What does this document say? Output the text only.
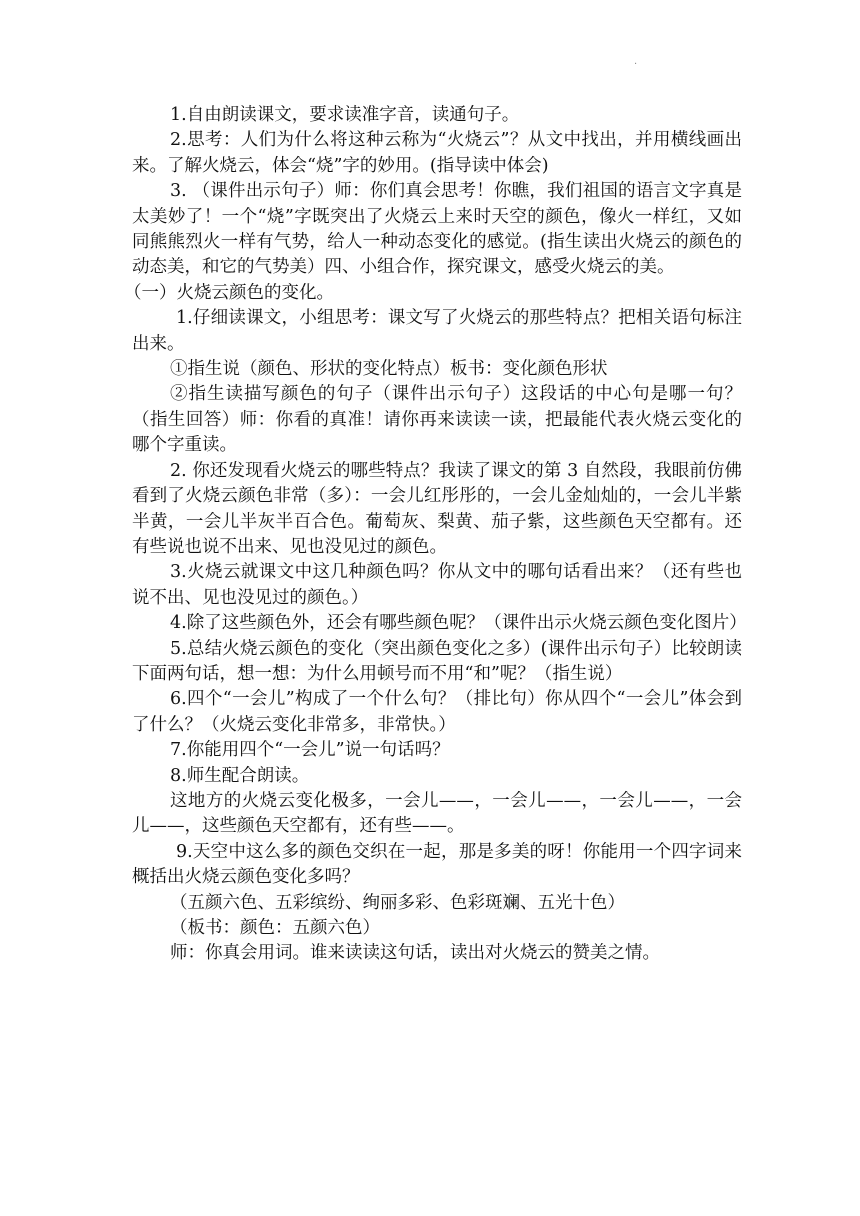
.

1.自由朗读课文，要求读准字音，读通句子。

2.思考：人们为什么将这种云称为“火烧云”？从文中找出，并用横线画出来。了解火烧云，体会“烧”字的妙用。(指导读中体会)

3. （课件出示句子）师：你们真会思考！你瞧，我们祖国的语言文字真是太美妙了！一个“烧”字既突出了火烧云上来时天空的颜色，像火一样红，又如同熊熊烈火一样有气势，给人一种动态变化的感觉。(指生读出火烧云的颜色的动态美，和它的气势美）四、小组合作，探究课文，感受火烧云的美。

（一）火烧云颜色的变化。

1.仔细读课文，小组思考：课文写了火烧云的那些特点？把相关语句标注出来。

①指生说（颜色、形状的变化特点）板书：变化颜色形状

②指生读描写颜色的句子（课件出示句子）这段话的中心句是哪一句？（指生回答）师：你看的真准！请你再来读读一读，把最能代表火烧云变化的哪个字重读。

2. 你还发现看火烧云的哪些特点？我读了课文的第 3 自然段，我眼前仿佛看到了火烧云颜色非常（多）：一会儿红彤彤的，一会儿金灿灿的，一会儿半紫半黄，一会儿半灰半百合色。葡萄灰、梨黄、茄子紫，这些颜色天空都有。还有些说也说不出来、见也没见过的颜色。

3.火烧云就课文中这几种颜色吗？你从文中的哪句话看出来？（还有些也说不出、见也没见过的颜色。）

4.除了这些颜色外，还会有哪些颜色呢？（课件出示火烧云颜色变化图片）

5.总结火烧云颜色的变化（突出颜色变化之多）(课件出示句子）比较朗读下面两句话，想一想：为什么用顿号而不用“和”呢？（指生说）

6.四个“一会儿”构成了一个什么句？（排比句）你从四个“一会儿”体会到了什么？（火烧云变化非常多，非常快。）

7.你能用四个“一会儿”说一句话吗？

8.师生配合朗读。

这地方的火烧云变化极多，一会儿——，一会儿——，一会儿——，一会儿——，这些颜色天空都有，还有些——。

9.天空中这么多的颜色交织在一起，那是多美的呀！你能用一个四字词来概括出火烧云颜色变化多吗？

（五颜六色、五彩缤纷、绚丽多彩、色彩斑斓、五光十色）

（板书：颜色：五颜六色）

师：你真会用词。谁来读读这句话，读出对火烧云的赞美之情。
